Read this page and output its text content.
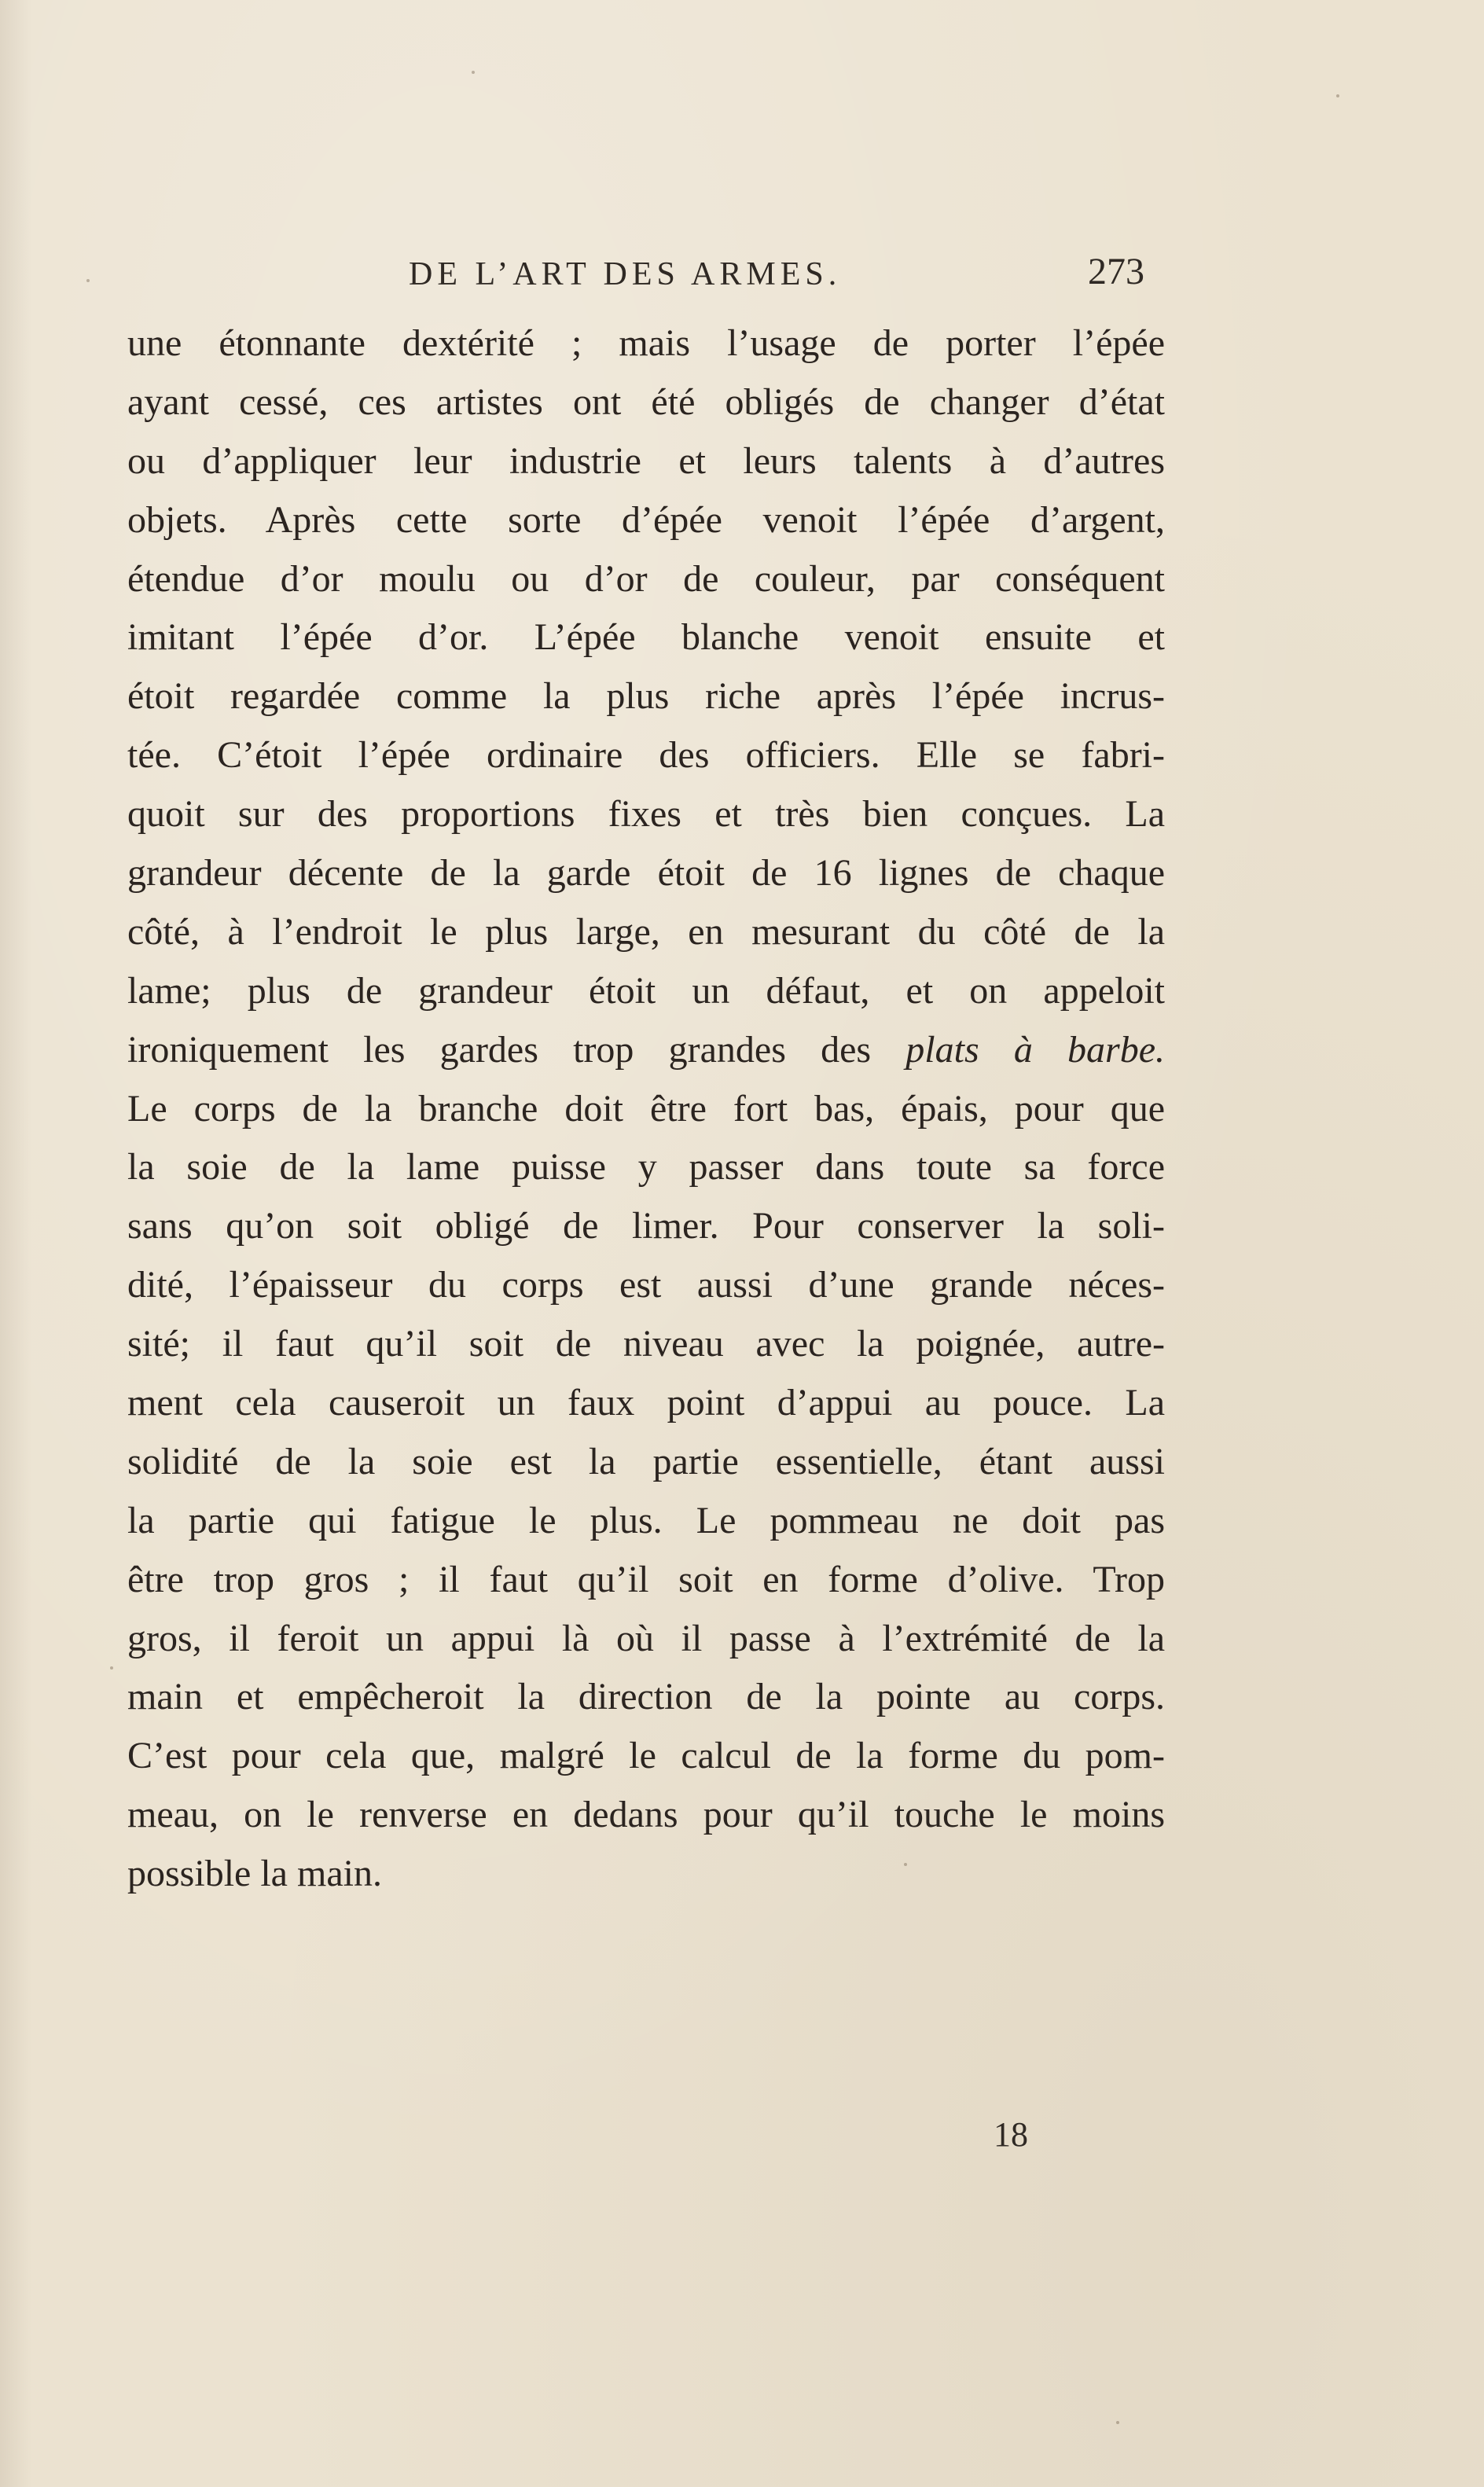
DE L’ART DES ARMES.	273
une étonnante dextérité ; mais l’usage de porter l’épée
ayant cessé, ces artistes ont été obligés de changer d’état
ou d’appliquer leur industrie et leurs talents à d’autres
objets. Après cette sorte d’épée venoit l’épée d’argent,
étendue d’or moulu ou d’or de couleur, par conséquent
imitant l’épée d’or. L’épée blanche venoit ensuite et
étoit regardée comme la plus riche après l’épée incrus-
tée. C’étoit l’épée ordinaire des officiers. Elle se fabri-
quoit sur des proportions fixes et très bien conçues. La
grandeur décente de la garde étoit de 16 lignes de chaque
côté, à l’endroit le plus large, en mesurant du côté de la
lame; plus de grandeur étoit un défaut, et on appeloit
ironiquement les gardes trop grandes des plats à barbe.
Le corps de la branche doit être fort bas, épais, pour que
la soie de la lame puisse y passer dans toute sa force
sans qu’on soit obligé de limer. Pour conserver la soli-
dité, l’épaisseur du corps est aussi d’une grande néces-
sité; il faut qu’il soit de niveau avec la poignée, autre-
ment cela causeroit un faux point d’appui au pouce. La
solidité de la soie est la partie essentielle, étant aussi
la partie qui fatigue le plus. Le pommeau ne doit pas
être trop gros ; il faut qu’il soit en forme d’olive. Trop
gros, il feroit un appui là où il passe à l’extrémité de la
main et empêcheroit la direction de la pointe au corps.
C’est pour cela que, malgré le calcul de la forme du pom-
meau, on le renverse en dedans pour qu’il touche le moins
possible la main.
18
